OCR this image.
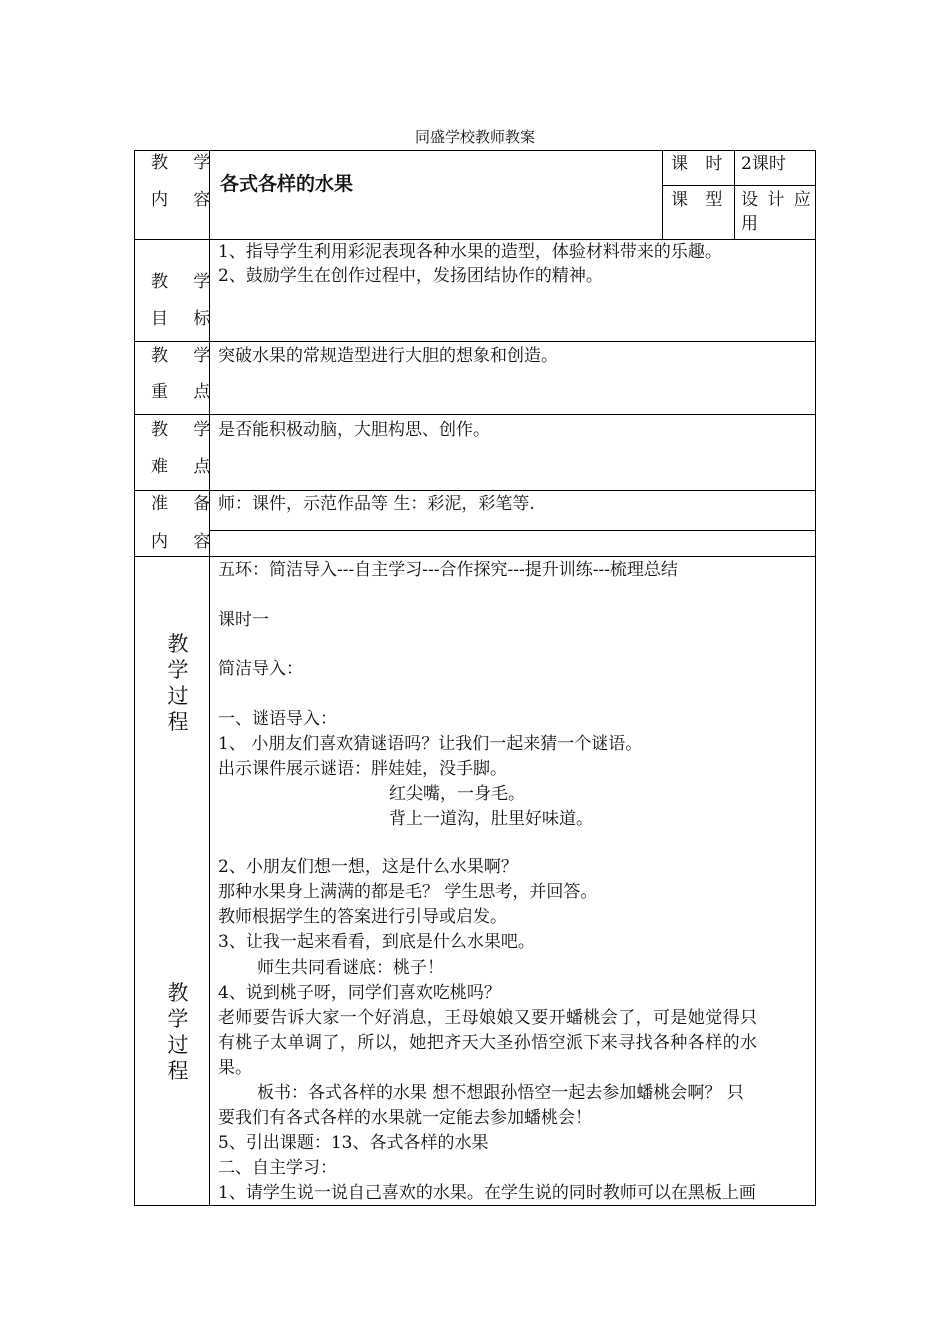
同盛学校教师教案
教 学
内 容
各式各样的水果
课 时 2课时
课 型 设 计 应
用
教 学
目 标
1、指导学生利用彩泥表现各种水果的造型，体验材料带来的乐趣。
2、鼓励学生在创作过程中，发扬团结协作的精神。
教 学
重 点
突破水果的常规造型进行大胆的想象和创造。
教 学
难 点
是否能积极动脑，大胆构思、创作。
准 备
内 容
师：课件，示范作品等 生：彩泥，彩笔等.
教
学
过
程
教
学
过
程
五环：简洁导入---自主学习---合作探究---提升训练---梳理总结
课时一
简洁导入：
一、谜语导入：
1、 小朋友们喜欢猜谜语吗？让我们一起来猜一个谜语。
出示课件展示谜语：胖娃娃，没手脚。
红尖嘴，一身毛。
背上一道沟，肚里好味道。
2、小朋友们想一想，这是什么水果啊？
那种水果身上满满的都是毛？ 学生思考，并回答。
教师根据学生的答案进行引导或启发。
3、让我一起来看看，到底是什么水果吧。
师生共同看谜底：桃子！
4、说到桃子呀，同学们喜欢吃桃吗？
老师要告诉大家一个好消息，王母娘娘又要开蟠桃会了，可是她觉得只
有桃子太单调了，所以，她把齐天大圣孙悟空派下来寻找各种各样的水
果。
板书：各式各样的水果 想不想跟孙悟空一起去参加蟠桃会啊？ 只
要我们有各式各样的水果就一定能去参加蟠桃会！
5、引出课题：13、各式各样的水果
二、自主学习：
1、请学生说一说自己喜欢的水果。在学生说的同时教师可以在黑板上画
